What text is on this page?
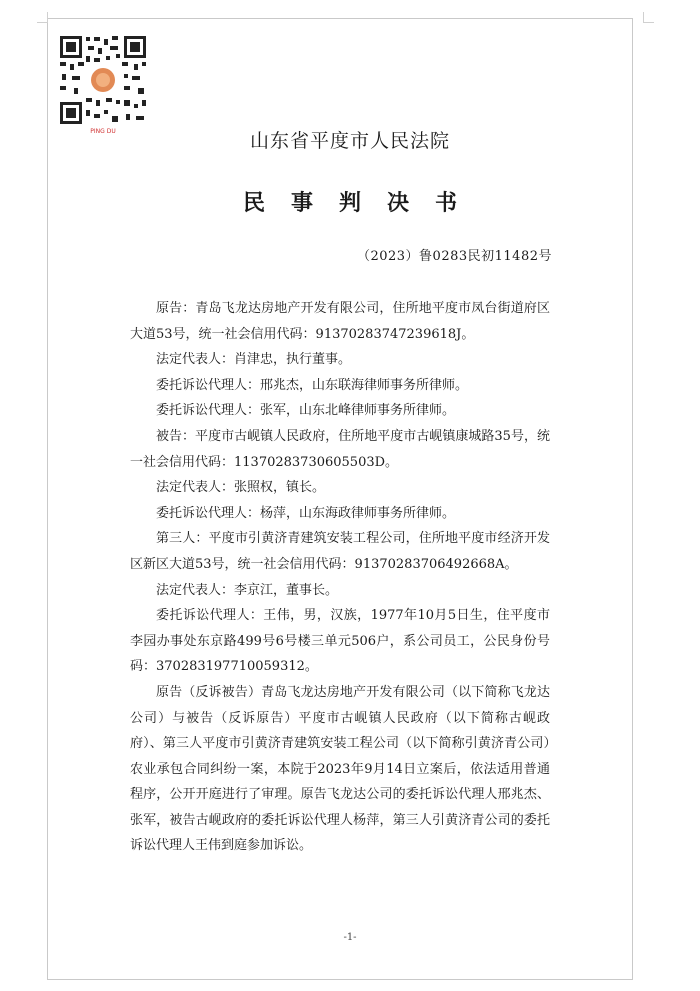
PING DU	山东省平度市人民法院
民事判决书
（2023）鲁0283民初11482号

原告：青岛飞龙达房地产开发有限公司，住所地平度市凤台街道府区大道53号，统一社会信用代码：91370283747239618J。

法定代表人：肖津忠，执行董事。

委托诉讼代理人：邢兆杰，山东联海律师事务所律师。

委托诉讼代理人：张军，山东北峰律师事务所律师。

被告：平度市古岘镇人民政府，住所地平度市古岘镇康城路35号，统一社会信用代码：11370283730605503D。

法定代表人：张照权，镇长。

委托诉讼代理人：杨萍，山东海政律师事务所律师。

第三人：平度市引黄济青建筑安装工程公司，住所地平度市经济开发区新区大道53号，统一社会信用代码：91370283706492668A。

法定代表人：李京江，董事长。

委托诉讼代理人：王伟，男，汉族，1977年10月5日生，住平度市李园办事处东京路499号6号楼三单元506户，系公司员工，公民身份号码：370283197710059312。

原告（反诉被告）青岛飞龙达房地产开发有限公司（以下简称飞龙达公司）与被告（反诉原告）平度市古岘镇人民政府（以下简称古岘政府）、第三人平度市引黄济青建筑安装工程公司（以下简称引黄济青公司）农业承包合同纠纷一案，本院于2023年9月14日立案后，依法适用普通程序，公开开庭进行了审理。原告飞龙达公司的委托诉讼代理人邢兆杰、张军，被告古岘政府的委托诉讼代理人杨萍，第三人引黄济青公司的委托诉讼代理人王伟到庭参加诉讼。

-1-
